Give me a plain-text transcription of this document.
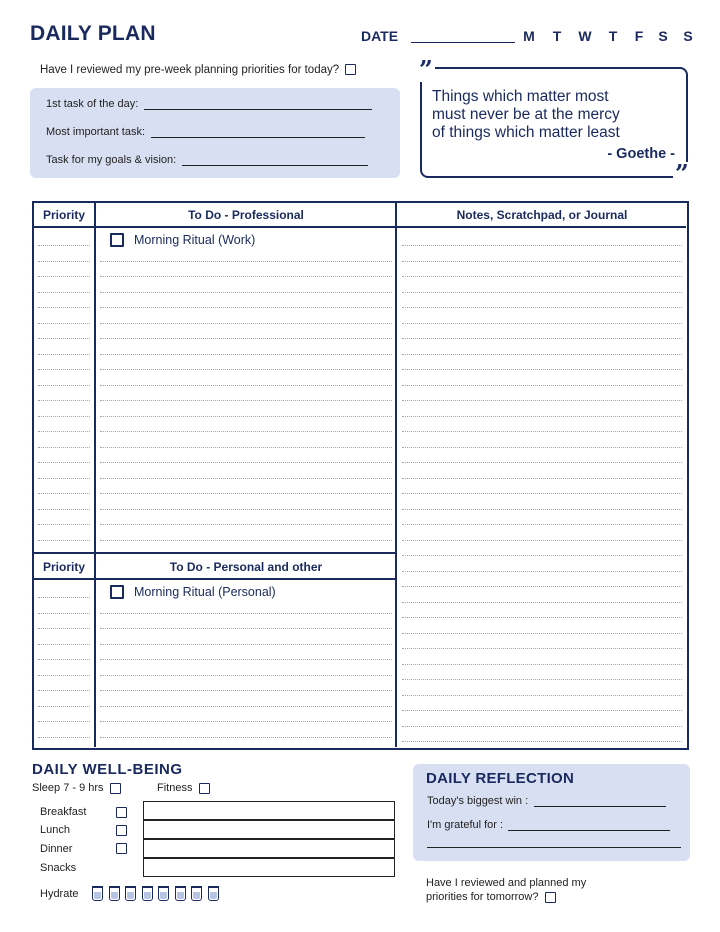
DAILY PLAN	DATE	M T W T F S S
Have I reviewed my pre-week planning priorities for today?
1st task of the day:
Most important task:
Task for my goals & vision:
”
”
Things which matter most
must never be at the mercy
of things which matter least
- Goethe -
Priority	To Do - Professional	Notes, Scratchpad, or Journal
Priority	To Do - Personal and other
Morning Ritual (Work)
Morning Ritual (Personal)
DAILY WELL-BEING
Sleep 7 - 9 hrs	Fitness
Breakfast
Lunch
Dinner
Snacks
Hydrate
DAILY REFLECTION
Today's biggest win :
I'm grateful for :
Have I reviewed and planned my
priorities for tomorrow?
